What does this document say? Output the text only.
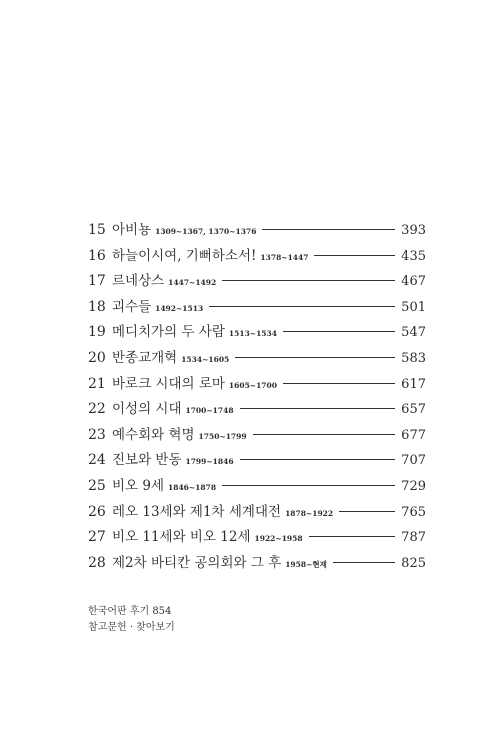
15 아비뇽 1309~1367, 1370~1376	393
16 하늘이시여, 기뻐하소서! 1378~1447	435
17 르네상스 1447~1492	467
18 괴수들 1492~1513	501
19 메디치가의 두 사람 1513~1534	547
20 반종교개혁 1534~1605	583
21 바로크 시대의 로마 1605~1700	617
22 이성의 시대 1700~1748	657
23 예수회와 혁명 1750~1799	677
24 진보와 반동 1799~1846	707
25 비오 9세 1846~1878	729
26 레오 13세와 제1차 세계대전 1878~1922	765
27 비오 11세와 비오 12세 1922~1958	787
28 제2차 바티칸 공의회와 그 후 1958~현재	825
한국어판 후기 854
참고문헌 · 찾아보기
